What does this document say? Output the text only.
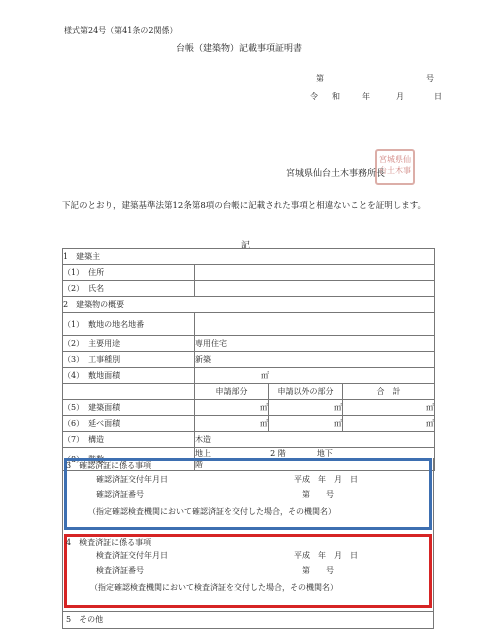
様式第24号（第41条の2関係）
台帳（建築物）記載事項証明書
第	号
令 和	年	月	日
宮城県仙
台土木事
宮城県仙台土木事務所長
下記のとおり，建築基準法第12条第8項の台帳に記載された事項と相違ないことを証明します。
記
1　建築主			
（1）　住所			
（2）　氏名			
2　建築物の概要			
（1）　敷地の地名地番			
（2）　主要用途	専用住宅		
（3）　工事種別	新築		
（4）　敷地面積	㎡		
	申請部分	申請以外の部分	合　計
（5）　建築面積	㎡	㎡	㎡
（6）　延べ面積	㎡	㎡	㎡
（7）　構造	木造		
（8）　階数	地上 2 階 地下  階		
3　確認済証に係る事項
確認済証交付年月日	平成　年　月　日
確認済証番号	第　　号
（指定確認検査機関において確認済証を交付した場合，その機関名）
4　検査済証に係る事項
検査済証交付年月日	平成　年　月　日
検査済証番号	第　　号
（指定確認検査機関において検査済証を交付した場合，その機関名）
5　その他
